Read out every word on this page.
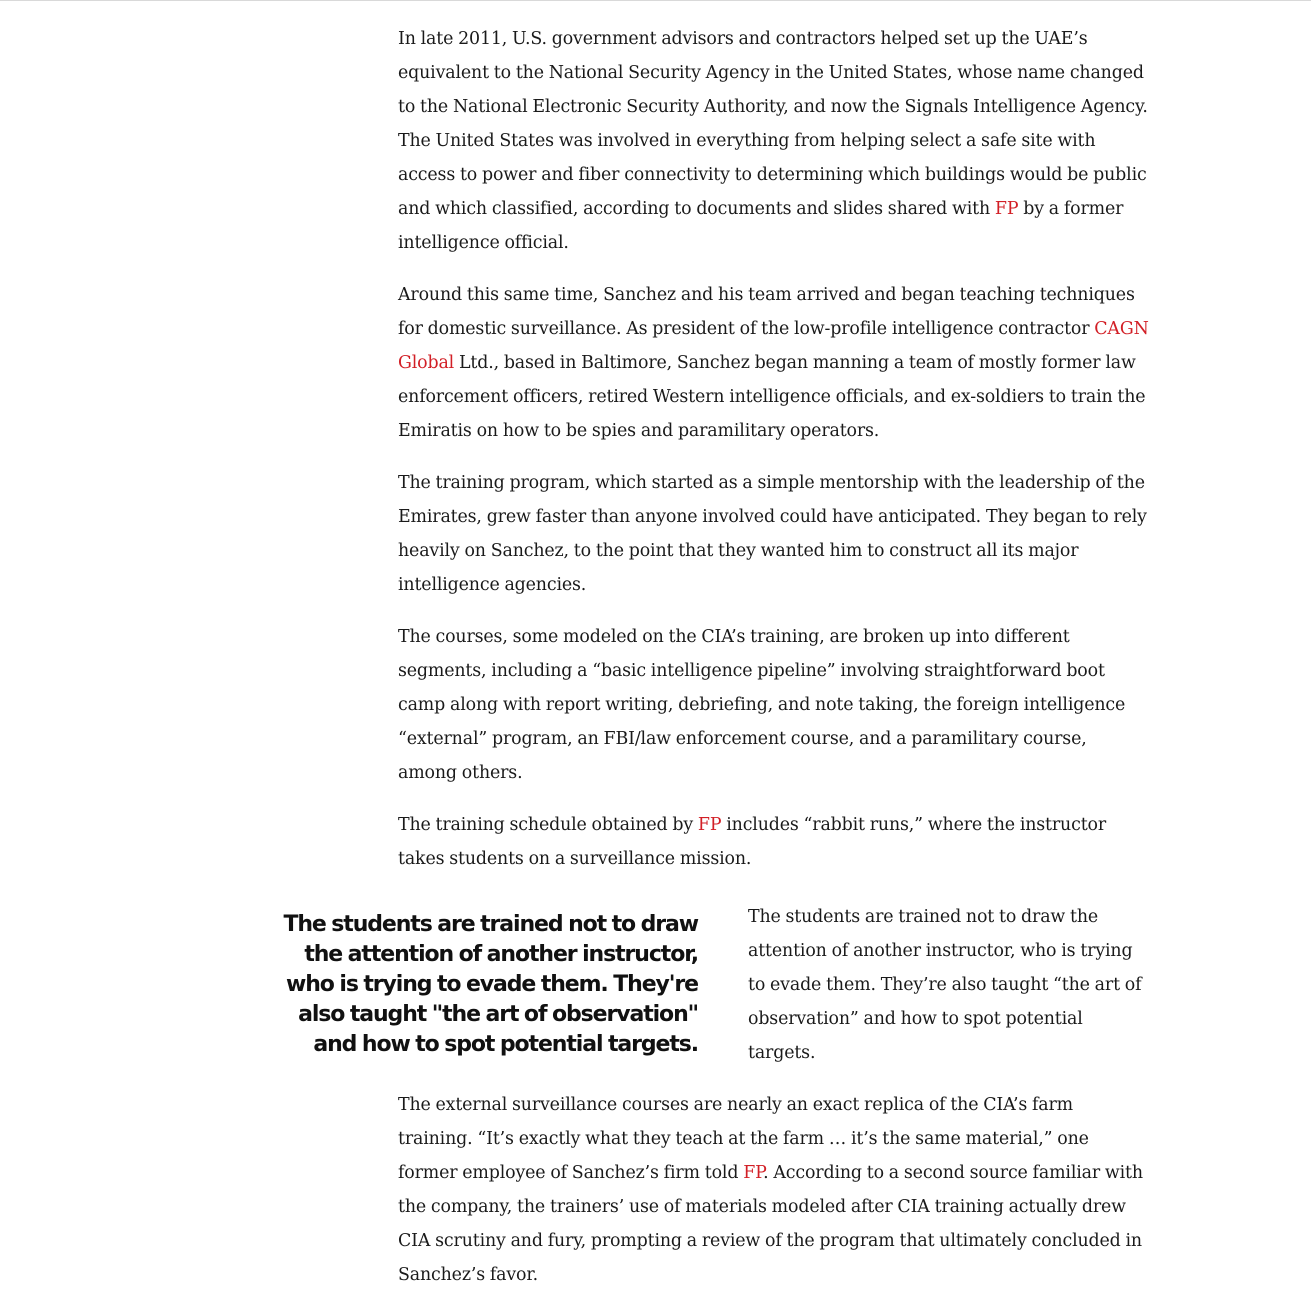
In late 2011, U.S. government advisors and contractors helped set up the UAE’s equivalent to the National Security Agency in the United States, whose name changed to the National Electronic Security Authority, and now the Signals Intelligence Agency. The United States was involved in everything from helping select a safe site with access to power and fiber connectivity to determining which buildings would be public and which classified, according to documents and slides shared with FP by a former intelligence official.

Around this same time, Sanchez and his team arrived and began teaching techniques for domestic surveillance. As president of the low-profile intelligence contractor CAGN Global Ltd., based in Baltimore, Sanchez began manning a team of mostly former law enforcement officers, retired Western intelligence officials, and ex-soldiers to train the Emiratis on how to be spies and paramilitary operators.

The training program, which started as a simple mentorship with the leadership of the Emirates, grew faster than anyone involved could have anticipated. They began to rely heavily on Sanchez, to the point that they wanted him to construct all its major intelligence agencies.

The courses, some modeled on the CIA’s training, are broken up into different segments, including a “basic intelligence pipeline” involving straightforward boot camp along with report writing, debriefing, and note taking, the foreign intelligence “external” program, an FBI/law enforcement course, and a paramilitary course, among others.

The training schedule obtained by FP includes “rabbit runs,” where the instructor takes students on a surveillance mission.

The students are trained not to draw the attention of another instructor, who is trying to evade them. They're also taught "the art of observation" and how to spot potential targets.

The students are trained not to draw the attention of another instructor, who is trying to evade them. They’re also taught “the art of observation” and how to spot potential targets.

The external surveillance courses are nearly an exact replica of the CIA’s farm training. “It’s exactly what they teach at the farm … it’s the same material,” one former employee of Sanchez’s firm told FP. According to a second source familiar with the company, the trainers’ use of materials modeled after CIA training actually drew CIA scrutiny and fury, prompting a review of the program that ultimately concluded in Sanchez’s favor.
